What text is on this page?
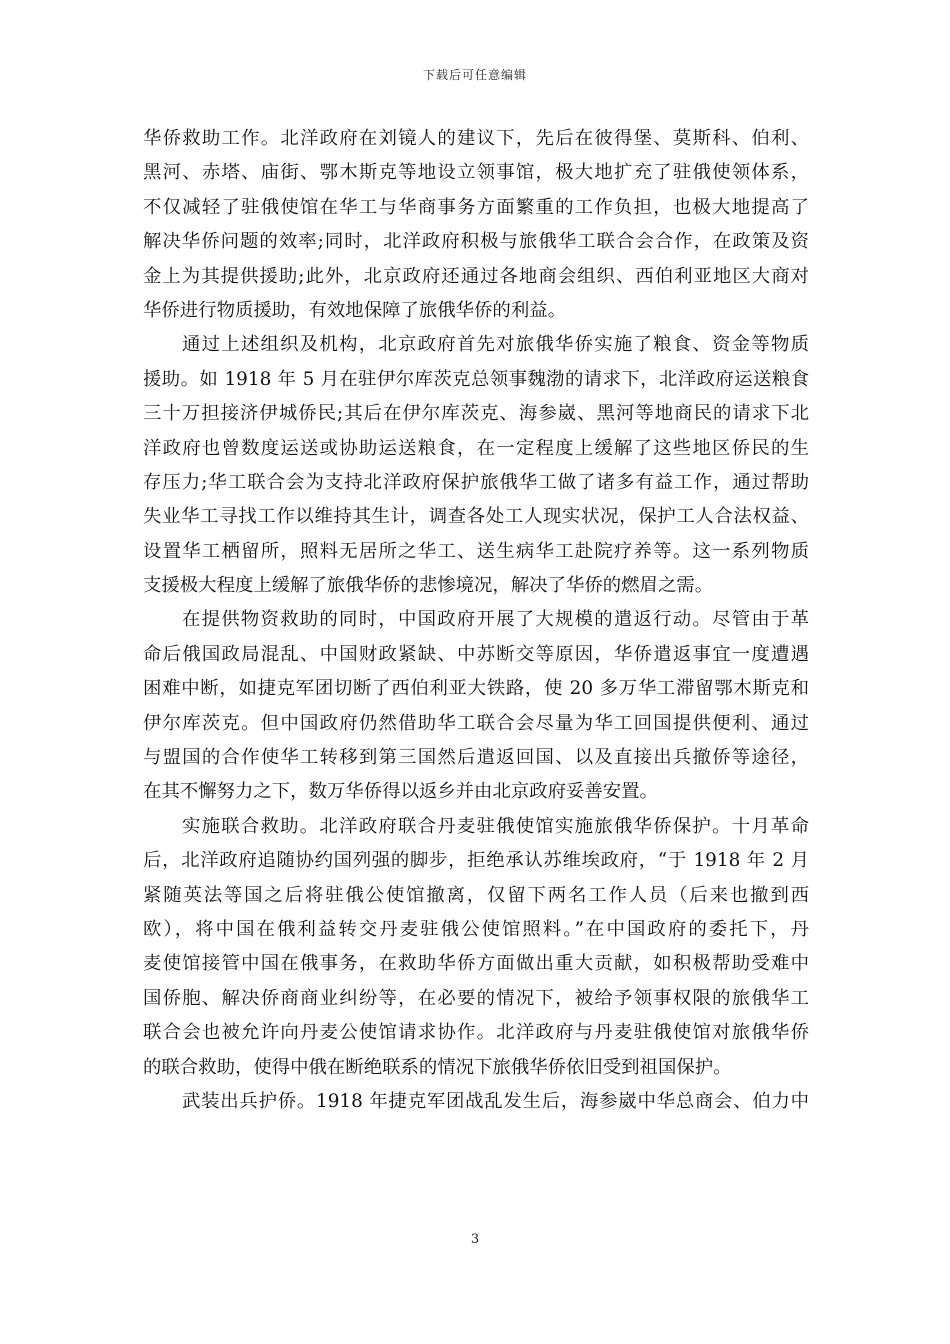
下载后可任意编辑
华侨救助工作。北洋政府在刘镜人的建议下，先后在彼得堡、莫斯科、伯利、
黑河、赤塔、庙街、鄂木斯克等地设立领事馆，极大地扩充了驻俄使领体系，
不仅减轻了驻俄使馆在华工与华商事务方面繁重的工作负担，也极大地提高了
解决华侨问题的效率;同时，北洋政府积极与旅俄华工联合会合作，在政策及资
金上为其提供援助;此外，北京政府还通过各地商会组织、西伯利亚地区大商对
华侨进行物质援助，有效地保障了旅俄华侨的利益。
通过上述组织及机构，北京政府首先对旅俄华侨实施了粮食、资金等物质
援助。如 1918 年 5 月在驻伊尔库茨克总领事魏渤的请求下，北洋政府运送粮食
三十万担接济伊城侨民;其后在伊尔库茨克、海参崴、黑河等地商民的请求下北
洋政府也曾数度运送或协助运送粮食，在一定程度上缓解了这些地区侨民的生
存压力;华工联合会为支持北洋政府保护旅俄华工做了诸多有益工作，通过帮助
失业华工寻找工作以维持其生计，调查各处工人现实状况，保护工人合法权益、
设置华工栖留所，照料无居所之华工、送生病华工赴院疗养等。这一系列物质
支援极大程度上缓解了旅俄华侨的悲惨境况，解决了华侨的燃眉之需。
在提供物资救助的同时，中国政府开展了大规模的遣返行动。尽管由于革
命后俄国政局混乱、中国财政紧缺、中苏断交等原因，华侨遣返事宜一度遭遇
困难中断，如捷克军团切断了西伯利亚大铁路，使 20 多万华工滞留鄂木斯克和
伊尔库茨克。但中国政府仍然借助华工联合会尽量为华工回国提供便利、通过
与盟国的合作使华工转移到第三国然后遣返回国、以及直接出兵撤侨等途径，
在其不懈努力之下，数万华侨得以返乡并由北京政府妥善安置。
实施联合救助。北洋政府联合丹麦驻俄使馆实施旅俄华侨保护。十月革命
后，北洋政府追随协约国列强的脚步，拒绝承认苏维埃政府，“于 1918 年 2 月
紧随英法等国之后将驻俄公使馆撤离，仅留下两名工作人员（后来也撤到西
欧），将中国在俄利益转交丹麦驻俄公使馆照料。”在中国政府的委托下，丹
麦使馆接管中国在俄事务，在救助华侨方面做出重大贡献，如积极帮助受难中
国侨胞、解决侨商商业纠纷等，在必要的情况下，被给予领事权限的旅俄华工
联合会也被允许向丹麦公使馆请求协作。北洋政府与丹麦驻俄使馆对旅俄华侨
的联合救助，使得中俄在断绝联系的情况下旅俄华侨依旧受到祖国保护。
武装出兵护侨。1918 年捷克军团战乱发生后，海参崴中华总商会、伯力中
3
